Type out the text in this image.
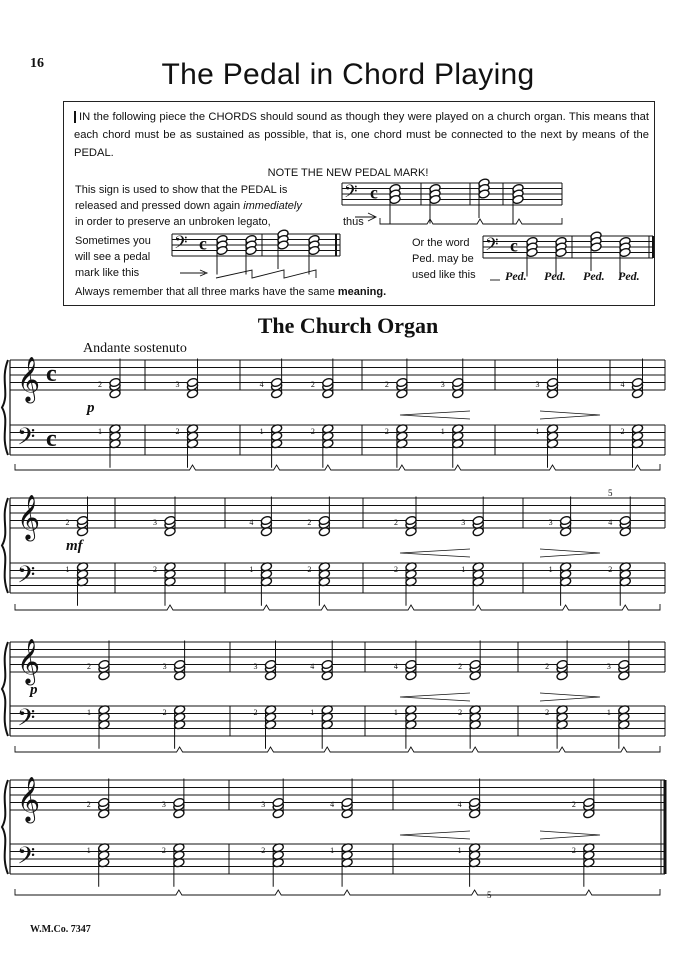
16	The Pedal in Chord Playing
IN the following piece the CHORDS should sound as though they were played on a church organ. This means that each chord must be as sustained as possible, that is, one chord must be connected to the next by means of the PEDAL.
NOTE THE NEW PEDAL MARK!
This sign is used to show that the PEDAL is
released and pressed down again immediately
in order to preserve an unbroken legato,	thus
Sometimes you
will see a pedal
mark like this
Or the word
Ped. may be
used like this Ped. Ped. Ped. Ped.
Always remember that all three marks have the same meaning.
The Church Organ
Andante sostenuto
W.M.Co. 7347
𝄢 c
𝄢 c	𝄢 c
𝄞
𝄢
c
c
2
1
3
2
4
1
2
2
2
2
3
1
3
1
4
2
p
𝄞
𝄢
2
1
3
2
4
1
2
2
2
2
3
1
3
1
4
2
mf
𝄞
𝄢
2
1
3
2
3
2
4
1
4
1
2
2
2
2
3
1
p
𝄞
𝄢
2
1
3
2
3
2
4
1
4
1
2
2
5
5
